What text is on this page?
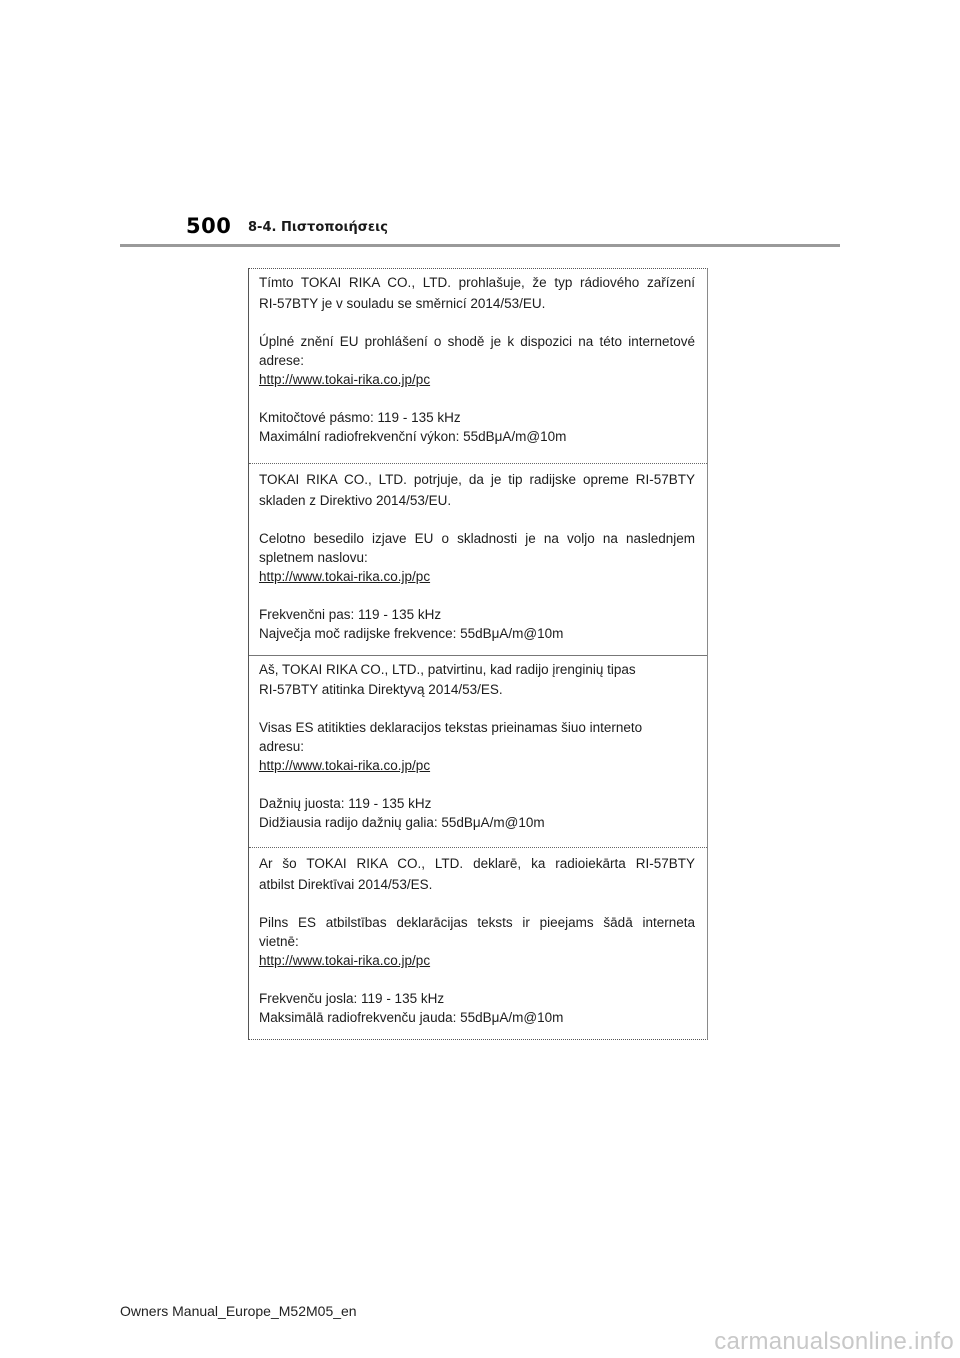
500 8-4. Πιστοποιήσεις
Tímto TOKAI RIKA CO., LTD. prohlašuje, že typ rádiového zařízení
RI-57BTY je v souladu se směrnicí 2014/53/EU.
Úplné znění EU prohlášení o shodě je k dispozici na této internetové
adrese:
http://www.tokai-rika.co.jp/pc
Kmitočtové pásmo: 119 - 135 kHz
Maximální radiofrekvenční výkon: 55dBμA/m@10m
TOKAI RIKA CO., LTD. potrjuje, da je tip radijske opreme RI-57BTY
skladen z Direktivo 2014/53/EU.
Celotno besedilo izjave EU o skladnosti je na voljo na naslednjem
spletnem naslovu:
http://www.tokai-rika.co.jp/pc
Frekvenčni pas: 119 - 135 kHz
Največja moč radijske frekvence: 55dBμA/m@10m
Aš, TOKAI RIKA CO., LTD., patvirtinu, kad radijo įrenginių tipas
RI-57BTY atitinka Direktyvą 2014/53/ES.
Visas ES atitikties deklaracijos tekstas prieinamas šiuo interneto
adresu:
http://www.tokai-rika.co.jp/pc
Dažnių juosta: 119 - 135 kHz
Didžiausia radijo dažnių galia: 55dBμA/m@10m
Ar šo TOKAI RIKA CO., LTD. deklarē, ka radioiekārta RI-57BTY
atbilst Direktīvai 2014/53/ES.
Pilns ES atbilstības deklarācijas teksts ir pieejams šādā interneta
vietnē:
http://www.tokai-rika.co.jp/pc
Frekvenču josla: 119 - 135 kHz
Maksimālā radiofrekvenču jauda: 55dBμA/m@10m
Owners Manual_Europe_M52M05_en
carmanualsonline.info
